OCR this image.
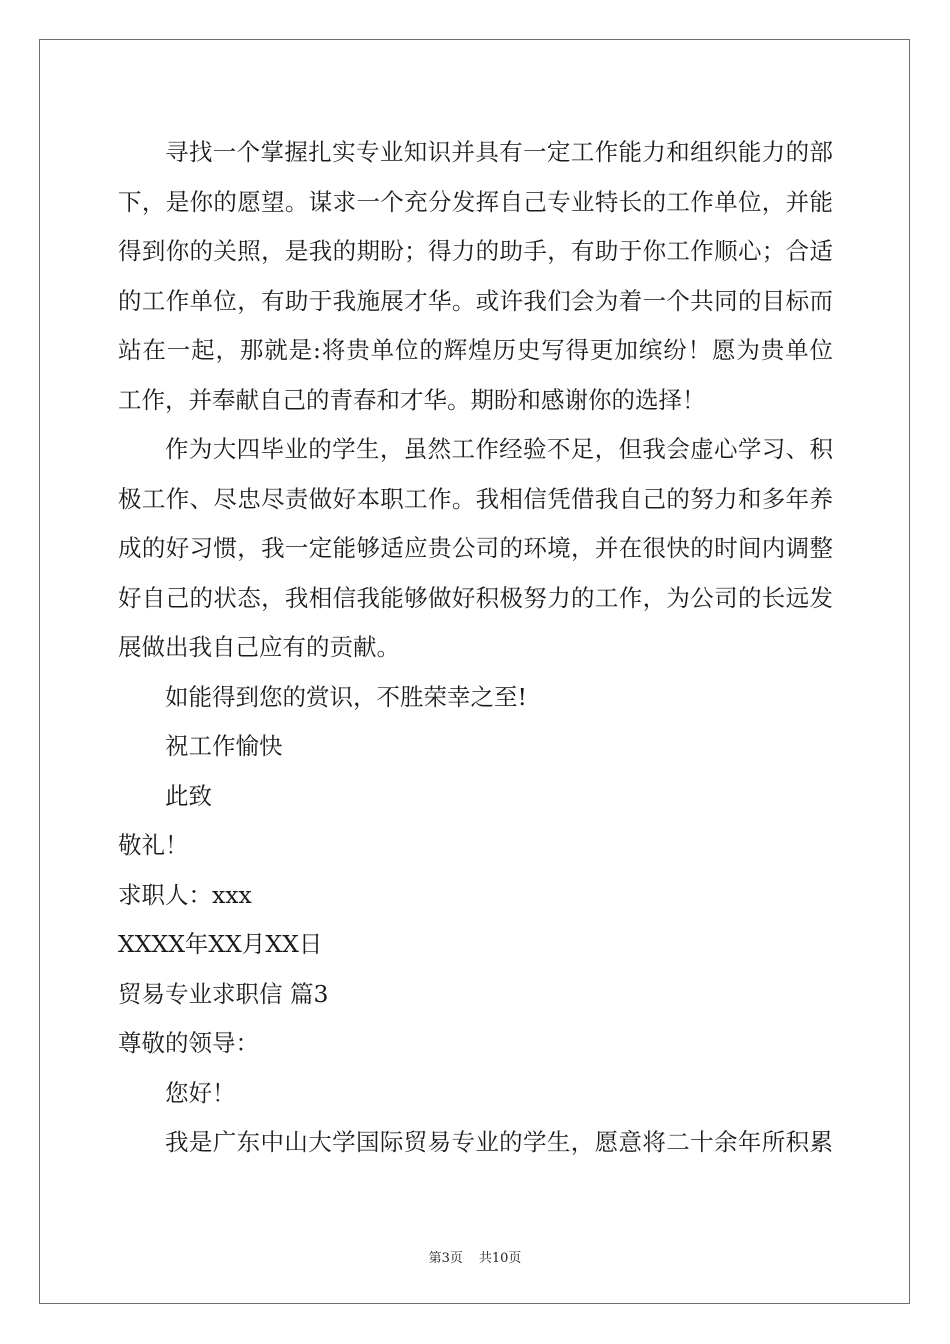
寻找一个掌握扎实专业知识并具有一定工作能力和组织能力的部
下，是你的愿望。谋求一个充分发挥自己专业特长的工作单位，并能
得到你的关照，是我的期盼；得力的助手，有助于你工作顺心；合适
的工作单位，有助于我施展才华。或许我们会为着一个共同的目标而
站在一起，那就是:将贵单位的辉煌历史写得更加缤纷！愿为贵单位
工作，并奉献自己的青春和才华。期盼和感谢你的选择！
作为大四毕业的学生，虽然工作经验不足，但我会虚心学习、积
极工作、尽忠尽责做好本职工作。我相信凭借我自己的努力和多年养
成的好习惯，我一定能够适应贵公司的环境，并在很快的时间内调整
好自己的状态，我相信我能够做好积极努力的工作，为公司的长远发
展做出我自己应有的贡献。
如能得到您的赏识，不胜荣幸之至!
祝工作愉快
此致
敬礼！
求职人：xxx
XXXX年XX月XX日
贸易专业求职信 篇3
尊敬的领导：
您好！
我是广东中山大学国际贸易专业的学生，愿意将二十余年所积累
第3页 共10页
